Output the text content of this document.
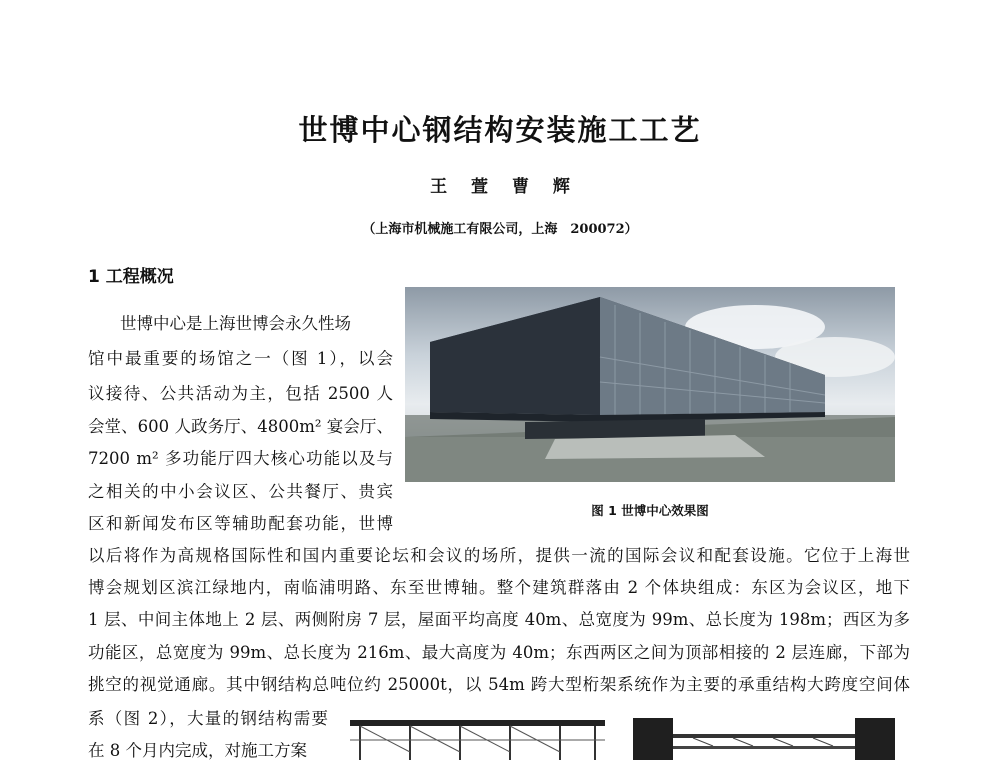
世博中心钢结构安装施工工艺
王 萱 曹 辉
（上海市机械施工有限公司，上海　200072）
1 工程概况
世博中心是上海世博会永久性场
馆中最重要的场馆之一（图 1），以会
议接待、公共活动为主，包括 2500 人
会堂、600 人政务厅、4800m² 宴会厅、
7200 m² 多功能厅四大核心功能以及与
之相关的中小会议区、公共餐厅、贵宾
区和新闻发布区等辅助配套功能，世博
以后将作为高规格国际性和国内重要论坛和会议的场所，提供一流的国际会议和配套设施。它位于上海世
博会规划区滨江绿地内，南临浦明路、东至世博轴。整个建筑群落由 2 个体块组成：东区为会议区，地下
1 层、中间主体地上 2 层、两侧附房 7 层，屋面平均高度 40m、总宽度为 99m、总长度为 198m；西区为多
功能区，总宽度为 99m、总长度为 216m、最大高度为 40m；东西两区之间为顶部相接的 2 层连廊，下部为
挑空的视觉通廊。其中钢结构总吨位约 25000t，以 54m 跨大型桁架系统作为主要的承重结构大跨度空间体
系（图 2），大量的钢结构需要
在 8 个月内完成，对施工方案
图 1 世博中心效果图
